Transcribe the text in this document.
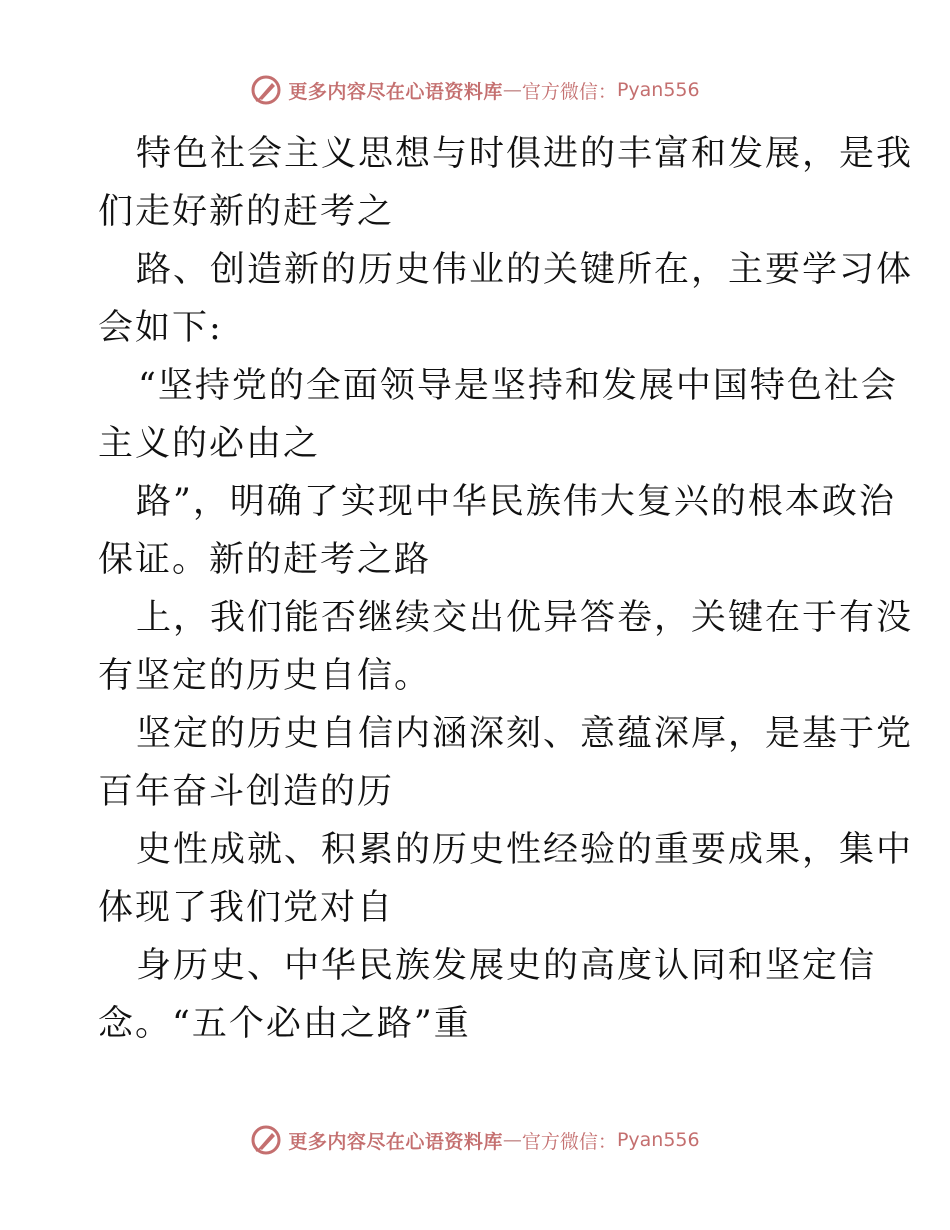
更多内容尽在心语资料库 — 官方微信： Pyan556
特色社会主义思想与时俱进的丰富和发展，是我
们走好新的赶考之
路、创造新的历史伟业的关键所在，主要学习体
会如下:
“坚持党的全面领导是坚持和发展中国特色社会
主义的必由之
路”，明确了实现中华民族伟大复兴的根本政治
保证。新的赶考之路
上，我们能否继续交出优异答卷，关键在于有没
有坚定的历史自信。
坚定的历史自信内涵深刻、意蕴深厚，是基于党
百年奋斗创造的历
史性成就、积累的历史性经验的重要成果，集中
体现了我们党对自
身历史、中华民族发展史的高度认同和坚定信
念。“五个必由之路”重
更多内容尽在心语资料库 — 官方微信： Pyan556
